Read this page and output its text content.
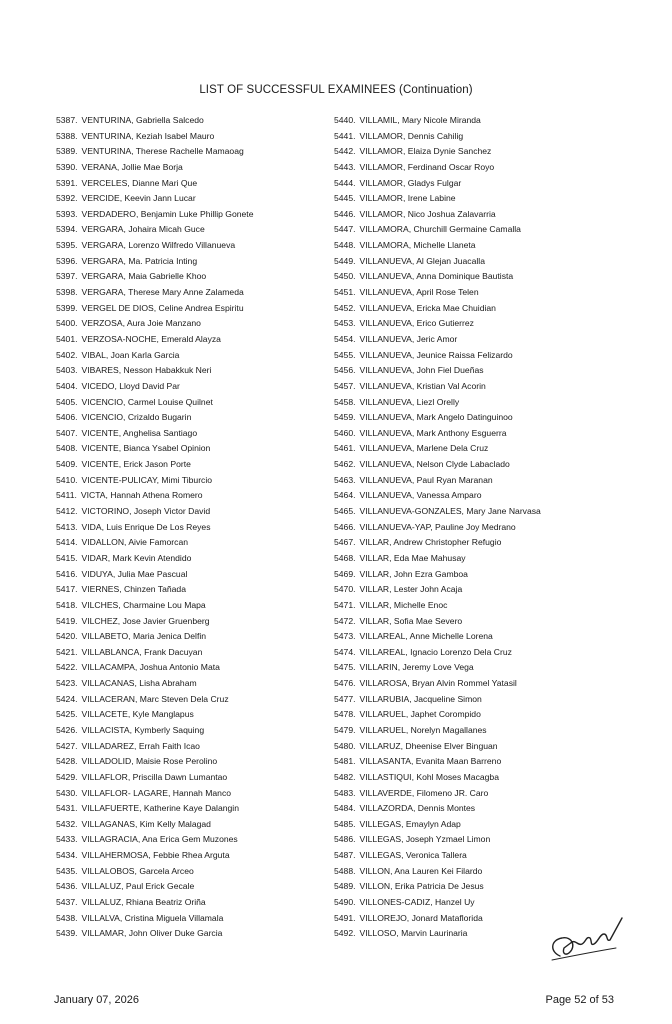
LIST OF SUCCESSFUL EXAMINEES (Continuation)
5387. VENTURINA, Gabriella Salcedo
5388. VENTURINA, Keziah Isabel Mauro
5389. VENTURINA, Therese Rachelle Mamaoag
5390. VERANA, Jollie Mae Borja
5391. VERCELES, Dianne Mari Que
5392. VERCIDE, Keevin Jann Lucar
5393. VERDADERO, Benjamin Luke Phillip Gonete
5394. VERGARA, Johaira Micah Guce
5395. VERGARA, Lorenzo Wilfredo Villanueva
5396. VERGARA, Ma. Patricia Inting
5397. VERGARA, Maia Gabrielle Khoo
5398. VERGARA, Therese Mary Anne Zalameda
5399. VERGEL DE DIOS, Celine Andrea Espiritu
5400. VERZOSA, Aura Joie Manzano
5401. VERZOSA-NOCHE, Emerald Alayza
5402. VIBAL, Joan Karla Garcia
5403. VIBARES, Nesson Habakkuk Neri
5404. VICEDO, Lloyd David Par
5405. VICENCIO, Carmel Louise Quilnet
5406. VICENCIO, Crizaldo Bugarin
5407. VICENTE, Anghelisa Santiago
5408. VICENTE, Bianca Ysabel Opinion
5409. VICENTE, Erick Jason Porte
5410. VICENTE-PULICAY, Mimi Tiburcio
5411. VICTA, Hannah Athena Romero
5412. VICTORINO, Joseph Victor David
5413. VIDA, Luis Enrique De Los Reyes
5414. VIDALLON, Aivie Famorcan
5415. VIDAR, Mark Kevin Atendido
5416. VIDUYA, Julia Mae Pascual
5417. VIERNES, Chinzen Tañada
5418. VILCHES, Charmaine Lou Mapa
5419. VILCHEZ, Jose Javier Gruenberg
5420. VILLABETO, Maria Jenica Delfin
5421. VILLABLANCA, Frank Dacuyan
5422. VILLACAMPA, Joshua Antonio Mata
5423. VILLACANAS, Lisha Abraham
5424. VILLACERAN, Marc Steven Dela Cruz
5425. VILLACETE, Kyle Manglapus
5426. VILLACISTA, Kymberly Saquing
5427. VILLADAREZ, Errah Faith Icao
5428. VILLADOLID, Maisie Rose Perolino
5429. VILLAFLOR, Priscilla Dawn Lumantao
5430. VILLAFLOR- LAGARE, Hannah Manco
5431. VILLAFUERTE, Katherine Kaye Dalangin
5432. VILLAGANAS, Kim Kelly Malagad
5433. VILLAGRACIA, Ana Erica Gem Muzones
5434. VILLAHERMOSA, Febbie Rhea Arguta
5435. VILLALOBOS, Garcela Arceo
5436. VILLALUZ, Paul Erick Gecale
5437. VILLALUZ, Rhiana Beatriz Oriña
5438. VILLALVA, Cristina Miguela Villamala
5439. VILLAMAR, John Oliver Duke Garcia
5440. VILLAMIL, Mary Nicole Miranda
5441. VILLAMOR, Dennis Cahilig
5442. VILLAMOR, Elaiza Dynie Sanchez
5443. VILLAMOR, Ferdinand Oscar Royo
5444. VILLAMOR, Gladys Fulgar
5445. VILLAMOR, Irene Labine
5446. VILLAMOR, Nico Joshua Zalavarria
5447. VILLAMORA, Churchill Germaine Camalla
5448. VILLAMORA, Michelle Llaneta
5449. VILLANUEVA, Al Glejan Juacalla
5450. VILLANUEVA, Anna Dominique Bautista
5451. VILLANUEVA, April Rose Telen
5452. VILLANUEVA, Ericka Mae Chuidian
5453. VILLANUEVA, Erico Gutierrez
5454. VILLANUEVA, Jeric Amor
5455. VILLANUEVA, Jeunice Raissa Felizardo
5456. VILLANUEVA, John Fiel Dueñas
5457. VILLANUEVA, Kristian Val Acorin
5458. VILLANUEVA, Liezl Orelly
5459. VILLANUEVA, Mark Angelo Datinguinoo
5460. VILLANUEVA, Mark Anthony Esguerra
5461. VILLANUEVA, Marlene Dela Cruz
5462. VILLANUEVA, Nelson Clyde Labaclado
5463. VILLANUEVA, Paul Ryan Maranan
5464. VILLANUEVA, Vanessa Amparo
5465. VILLANUEVA-GONZALES, Mary Jane Narvasa
5466. VILLANUEVA-YAP, Pauline Joy Medrano
5467. VILLAR, Andrew Christopher Refugio
5468. VILLAR, Eda Mae Mahusay
5469. VILLAR, John Ezra Gamboa
5470. VILLAR, Lester John Acaja
5471. VILLAR, Michelle Enoc
5472. VILLAR, Sofia Mae Severo
5473. VILLAREAL, Anne Michelle Lorena
5474. VILLAREAL, Ignacio Lorenzo Dela Cruz
5475. VILLARIN, Jeremy Love Vega
5476. VILLAROSA, Bryan Alvin Rommel Yatasil
5477. VILLARUBIA, Jacqueline Simon
5478. VILLARUEL, Japhet Corompido
5479. VILLARUEL, Norelyn Magallanes
5480. VILLARUZ, Dheenise Elver Binguan
5481. VILLASANTA, Evanita Maan Barreno
5482. VILLASTIQUI, Kohl Moses Macagba
5483. VILLAVERDE, Filomeno JR. Caro
5484. VILLAZORDA, Dennis Montes
5485. VILLEGAS, Emaylyn Adap
5486. VILLEGAS, Joseph Yzmael Limon
5487. VILLEGAS, Veronica Tallera
5488. VILLON, Ana Lauren Kei Filardo
5489. VILLON, Erika Patricia De Jesus
5490. VILLONES-CADIZ, Hanzel Uy
5491. VILLOREJO, Jonard Mataflorida
5492. VILLOSO, Marvin Laurinaria
January 07, 2026	Page 52 of 53
